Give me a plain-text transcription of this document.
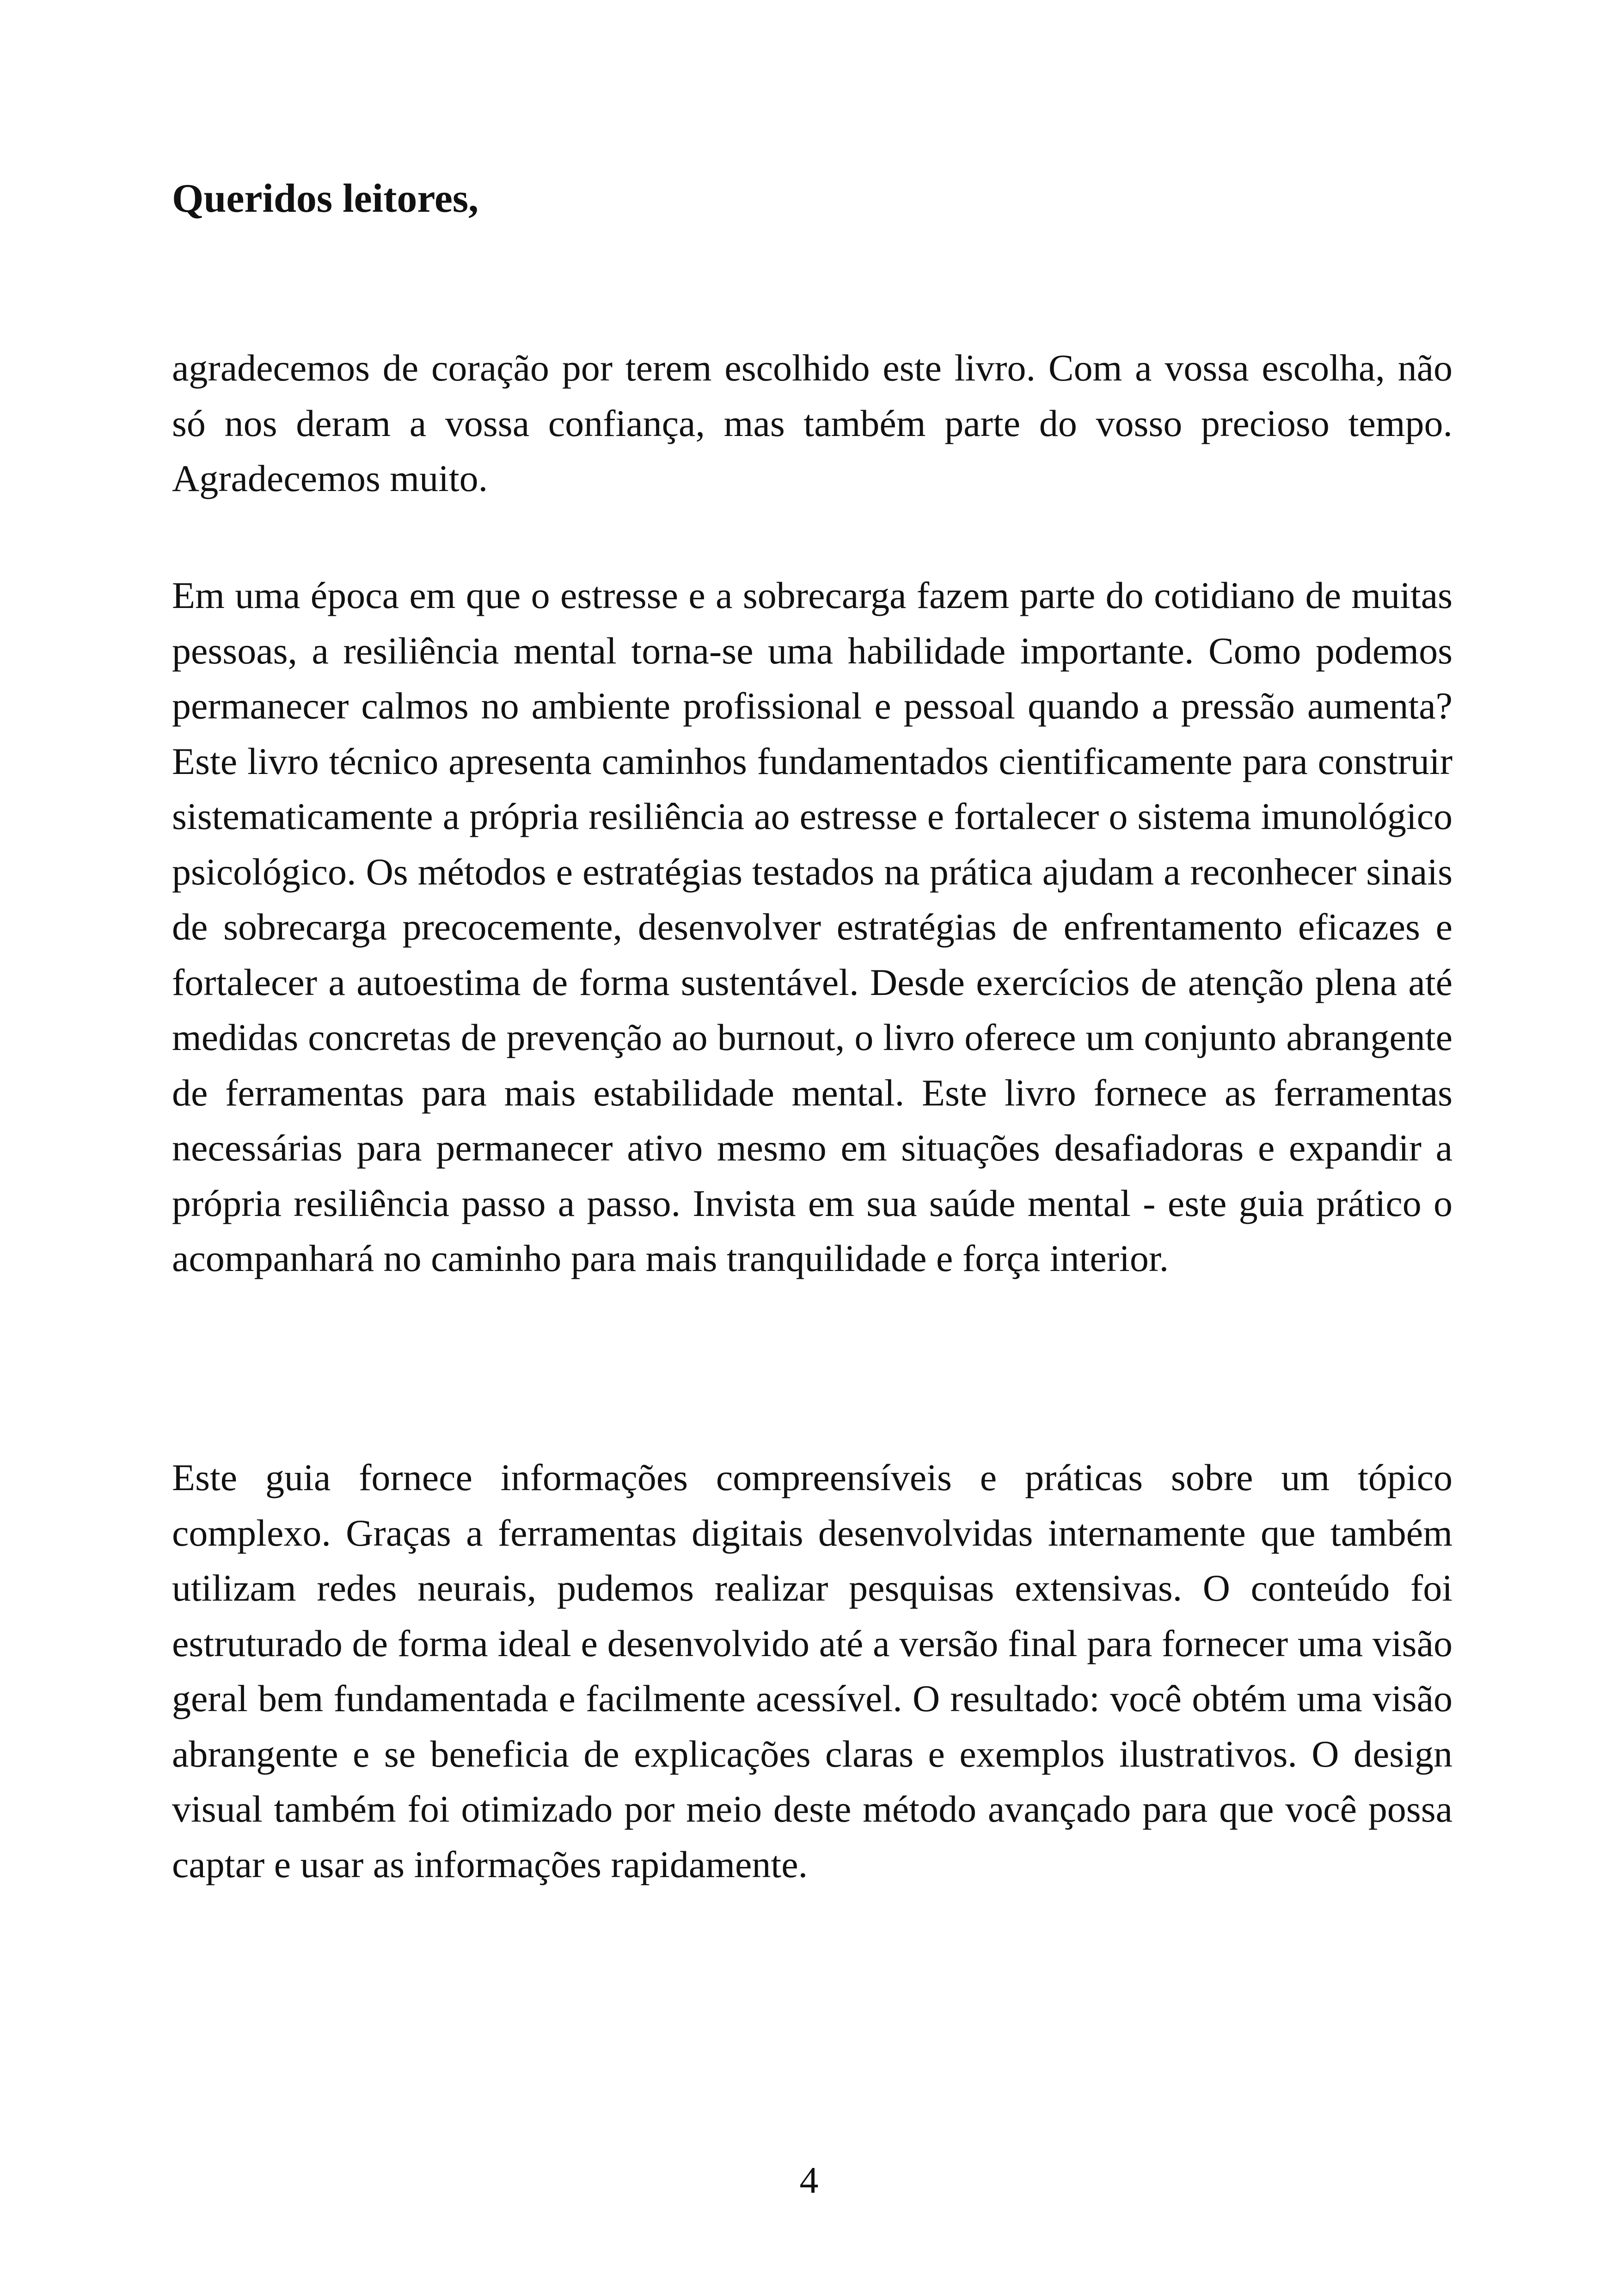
Queridos leitores,

agradecemos de coração por terem escolhido este livro. Com a vossa escolha, não só nos deram a vossa confiança, mas também parte do vosso precioso tempo. Agradecemos muito.

Em uma época em que o estresse e a sobrecarga fazem parte do cotidiano de muitas pessoas, a resiliência mental torna-se uma habilidade importante. Como podemos permanecer calmos no ambiente profissional e pessoal quando a pressão aumenta? Este livro técnico apresenta caminhos fundamentados cientificamente para construir sistematicamente a própria resiliência ao estresse e fortalecer o sistema imunológico psicológico. Os métodos e estratégias testados na prática ajudam a reconhecer sinais de sobrecarga precocemente, desenvolver estratégias de enfrentamento eficazes e fortalecer a autoestima de forma sustentável. Desde exercícios de atenção plena até medidas concretas de prevenção ao burnout, o livro oferece um conjunto abrangente de ferramentas para mais estabilidade mental. Este livro fornece as ferramentas necessárias para permanecer ativo mesmo em situações desafiadoras e expandir a própria resiliência passo a passo. Invista em sua saúde mental - este guia prático o acompanhará no caminho para mais tranquilidade e força interior.

Este guia fornece informações compreensíveis e práticas sobre um tópico complexo. Graças a ferramentas digitais desenvolvidas internamente que também utilizam redes neurais, pudemos realizar pesquisas extensivas. O conteúdo foi estruturado de forma ideal e desenvolvido até a versão final para fornecer uma visão geral bem fundamentada e facilmente acessível. O resultado: você obtém uma visão abrangente e se beneficia de explicações claras e exemplos ilustrativos. O design visual também foi otimizado por meio deste método avançado para que você possa captar e usar as informações rapidamente.

4
